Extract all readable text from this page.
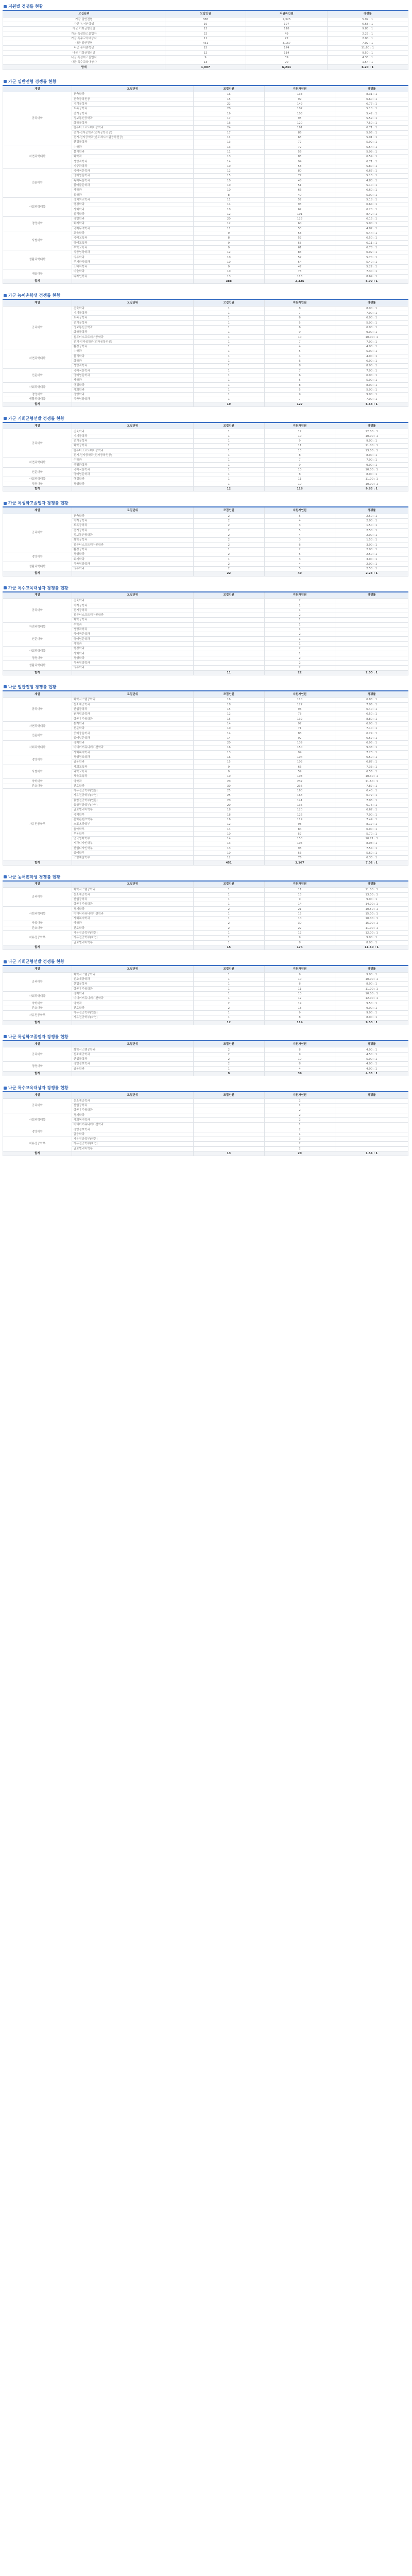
지원별 경쟁률 현황
모집단위	모집인원	지원자인원	경쟁률
가군 일반전형	388	2,325	5.99 : 1
가군 농어촌학생	19	127	6.68 : 1
가군 기회균형선발	12	118	9.83 : 1
가군 특성화고졸업자	22	49	2.23 : 1
가군 특수교육대상자	11	22	2.00 : 1
나군 일반전형	451	3,167	7.02 : 1
나군 농어촌학생	15	174	11.60 : 1
나군 기회균형선발	12	114	9.50 : 1
나군 특성화고졸업자	9	39	4.33 : 1
나군 특수교육대상자	13	20	1.54 : 1
합계	1,007	6,241	6.20 : 1
가군 일반전형 경쟁률 현황
계열	모집단위	모집인원	지원자인원	경쟁률
공과대학	건축학과	16	133	8.31 : 1
	건축공학전공	15	99	6.60 : 1
	기계공학과	22	149	6.77 : 1
	토목공학과	20	102	5.10 : 1
	전기공학과	19	103	5.42 : 1
	정보통신공학과	17	95	5.59 : 1
	화학공학과	16	120	7.50 : 1
	컴퓨터소프트웨어공학과	24	161	6.71 : 1
	전기·전자공학과(전자공학전공)	17	86	5.06 : 1
	전기·전자공학과(반도체시스템공학전공)	11	65	5.91 : 1
	환경공학과	13	77	5.92 : 1
자연과학대학	수학과	13	72	5.54 : 1
	물리학과	11	56	5.09 : 1
	화학과	13	85	6.54 : 1
	생명과학과	14	94	6.71 : 1
	지구과학과	10	58	5.80 : 1
인문대학	국어국문학과	12	80	6.67 : 1
	영어영문학과	15	77	5.13 : 1
	독어독문학과	10	48	4.80 : 1
	불어불문학과	10	51	5.10 : 1
	사학과	10	66	6.60 : 1
	철학과	8	40	5.00 : 1
사회과학대학	정치외교학과	11	57	5.18 : 1
	행정학과	14	93	6.64 : 1
	사회학과	10	62	6.20 : 1
	심리학과	12	101	8.42 : 1
경영대학	경영학과	20	123	6.15 : 1
	회계학과	12	60	5.00 : 1
	국제무역학과	11	53	4.82 : 1
사범대학	교육학과	9	58	6.44 : 1
	국어교육과	8	52	6.50 : 1
	영어교육과	9	55	6.11 : 1
	수학교육과	9	61	6.78 : 1
생활과학대학	식품영양학과	12	83	6.92 : 1
	의류학과	10	57	5.70 : 1
	주거환경학과	10	54	5.40 : 1
	소비자학과	9	47	5.22 : 1
예술대학	미술학과	10	73	7.30 : 1
	디자인학과	13	113	8.69 : 1
합계		388	2,325	5.99 : 1
가군 농어촌학생 경쟁률 현황
계열	모집단위	모집인원	지원자인원	경쟁률
공과대학	건축학과	1	8	8.00 : 1
	기계공학과	1	7	7.00 : 1
	토목공학과	1	6	6.00 : 1
	전기공학과	1	5	5.00 : 1
	정보통신공학과	1	6	6.00 : 1
	화학공학과	1	9	9.00 : 1
	컴퓨터소프트웨어공학과	1	10	10.00 : 1
	전기·전자공학과(전자공학전공)	1	7	7.00 : 1
	환경공학과	1	4	4.00 : 1
자연과학대학	수학과	1	5	5.00 : 1
	물리학과	1	4	4.00 : 1
	화학과	1	6	6.00 : 1
	생명과학과	1	8	8.00 : 1
인문대학	국어국문학과	1	7	7.00 : 1
	영어영문학과	1	6	6.00 : 1
	사학과	1	5	5.00 : 1
사회과학대학	행정학과	1	8	8.00 : 1
	사회학과	1	5	5.00 : 1
경영대학	경영학과	1	9	9.00 : 1
생활과학대학	식품영양학과	1	7	7.00 : 1
합계		19	127	6.68 : 1
가군 기회균형선발 경쟁률 현황
계열	모집단위	모집인원	지원자인원	경쟁률
공과대학	건축학과	1	12	12.00 : 1
	기계공학과	1	10	10.00 : 1
	전기공학과	1	9	9.00 : 1
	화학공학과	1	11	11.00 : 1
	컴퓨터소프트웨어공학과	1	13	13.00 : 1
	전기·전자공학과(전자공학전공)	1	8	8.00 : 1
자연과학대학	수학과	1	7	7.00 : 1
	생명과학과	1	9	9.00 : 1
인문대학	국어국문학과	1	10	10.00 : 1
	영어영문학과	1	8	8.00 : 1
사회과학대학	행정학과	1	11	11.00 : 1
경영대학	경영학과	1	10	10.00 : 1
합계		12	118	9.83 : 1
가군 특성화고졸업자 경쟁률 현황
계열	모집단위	모집인원	지원자인원	경쟁률
공과대학	건축학과	2	5	2.50 : 1
	기계공학과	2	4	2.00 : 1
	토목공학과	2	3	1.50 : 1
	전기공학과	2	5	2.50 : 1
	정보통신공학과	2	4	2.00 : 1
	화학공학과	2	3	1.50 : 1
	컴퓨터소프트웨어공학과	2	6	3.00 : 1
	환경공학과	1	2	2.00 : 1
경영대학	경영학과	2	5	2.50 : 1
	회계학과	1	3	3.00 : 1
생활과학대학	식품영양학과	2	4	2.00 : 1
	의류학과	2	5	2.50 : 1
합계		22	49	2.23 : 1
가군 특수교육대상자 경쟁률 현황
계열	모집단위	모집인원	지원자인원	경쟁률
공과대학	건축학과		2	
	기계공학과		1	
	전기공학과		1	
	컴퓨터소프트웨어공학과		2	
	화학공학과		1	
자연과학대학	수학과		1	
	생명과학과		1	
인문대학	국어국문학과		2	
	영어영문학과		1	
	사학과		1	
사회과학대학	행정학과		2	
	사회학과		1	
경영대학	경영학과		2	
생활과학대학	식품영양학과		2	
	의류학과		2	
합계		11	22	2.00 : 1
나군 일반전형 경쟁률 현황
계열	모집단위	모집인원	지원자인원	경쟁률
공과대학	화학시스템공학과	16	110	6.88 : 1
	신소재공학과	18	127	7.06 : 1
	산업공학과	15	96	6.40 : 1
	원자력공학과	12	78	6.50 : 1
	항공우주공학과	15	132	8.80 : 1
자연과학대학	통계학과	14	97	6.93 : 1
	천문학과	10	71	7.10 : 1
인문대학	중어중문학과	14	88	6.29 : 1
	일어일문학과	14	92	6.57 : 1
사회과학대학	경제학과	20	139	6.95 : 1
	미디어커뮤니케이션학과	16	150	9.38 : 1
	사회복지학과	13	94	7.23 : 1
경영대학	경영정보학과	16	104	6.50 : 1
	금융학과	15	103	6.87 : 1
사범대학	사회교육과	9	66	7.33 : 1
	과학교육과	9	59	6.56 : 1
	체육교육과	10	103	10.30 : 1
약학대학	약학과	20	232	11.60 : 1
간호대학	간호학과	30	236	7.87 : 1
자유전공학부	자유전공학부(인문)	25	160	6.40 : 1
	자유전공학부(자연)	25	168	6.72 : 1
	융합전공학부(인문)	20	141	7.05 : 1
	융합전공학부(자연)	20	135	6.75 : 1
	글로벌리더학부	18	120	6.67 : 1
	국제학부	18	126	7.00 : 1
	문화콘텐츠학부	16	119	7.44 : 1
	스포츠과학부	12	98	8.17 : 1
	음악학부	14	84	6.00 : 1
	무용학부	10	57	5.70 : 1
	연극영화학부	14	150	10.71 : 1
	시각디자인학부	13	105	8.08 : 1
	산업디자인학부	13	98	7.54 : 1
	공예학부	10	56	5.60 : 1
	조형예술학부	12	76	6.33 : 1
합계		451	3,167	7.02 : 1
나군 농어촌학생 경쟁률 현황
계열	모집단위	모집인원	지원자인원	경쟁률
공과대학	화학시스템공학과	1	11	11.00 : 1
	신소재공학과	1	13	13.00 : 1
	산업공학과	1	9	9.00 : 1
	항공우주공학과	1	14	14.00 : 1
사회과학대학	경제학과	2	21	10.50 : 1
	미디어커뮤니케이션학과	1	15	15.00 : 1
	사회복지학과	1	10	10.00 : 1
약학대학	약학과	2	30	15.00 : 1
간호대학	간호학과	2	22	11.00 : 1
자유전공학부	자유전공학부(인문)	1	12	12.00 : 1
	자유전공학부(자연)	1	9	9.00 : 1
	글로벌리더학부	1	8	8.00 : 1
합계		15	174	11.60 : 1
나군 기회균형선발 경쟁률 현황
계열	모집단위	모집인원	지원자인원	경쟁률
공과대학	화학시스템공학과	1	9	9.00 : 1
	신소재공학과	1	10	10.00 : 1
	산업공학과	1	8	8.00 : 1
	항공우주공학과	1	11	11.00 : 1
사회과학대학	경제학과	1	10	10.00 : 1
	미디어커뮤니케이션학과	1	12	12.00 : 1
약학대학	약학과	2	19	9.50 : 1
간호대학	간호학과	2	18	9.00 : 1
자유전공학부	자유전공학부(인문)	1	9	9.00 : 1
	자유전공학부(자연)	1	8	8.00 : 1
합계		12	114	9.50 : 1
나군 특성화고졸업자 경쟁률 현황
계열	모집단위	모집인원	지원자인원	경쟁률
공과대학	화학시스템공학과	2	8	4.00 : 1
	신소재공학과	2	9	4.50 : 1
	산업공학과	2	10	5.00 : 1
경영대학	경영정보학과	2	8	4.00 : 1
	금융학과	1	4	4.00 : 1
합계		9	39	4.33 : 1
나군 특수교육대상자 경쟁률 현황
계열	모집단위	모집인원	지원자인원	경쟁률
공과대학	신소재공학과		2	
	산업공학과		1	
	항공우주공학과		2	
사회과학대학	경제학과		2	
	사회복지학과		2	
	미디어커뮤니케이션학과		1	
경영대학	경영정보학과		2	
	금융학과		1	
자유전공학부	자유전공학부(인문)		3	
	자유전공학부(자연)		2	
	글로벌리더학부		2	
합계		13	20	1.54 : 1
